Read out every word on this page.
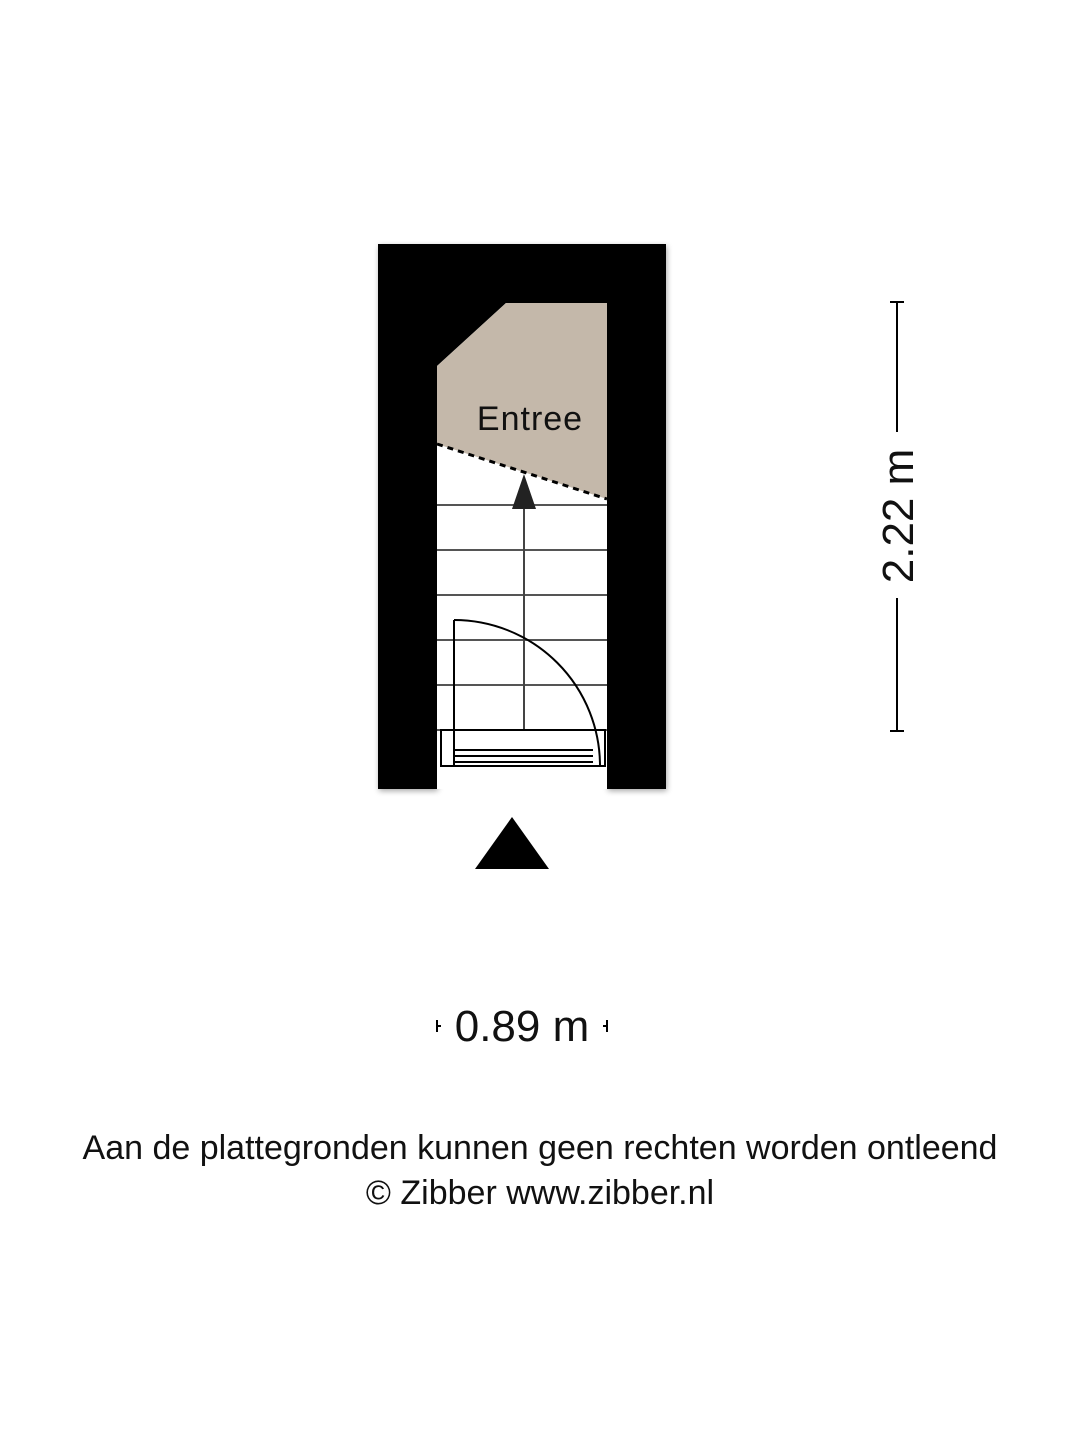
Entree
2.22 m
0.89 m
Aan de plattegronden kunnen geen rechten worden ontleend
© Zibber www.zibber.nl
